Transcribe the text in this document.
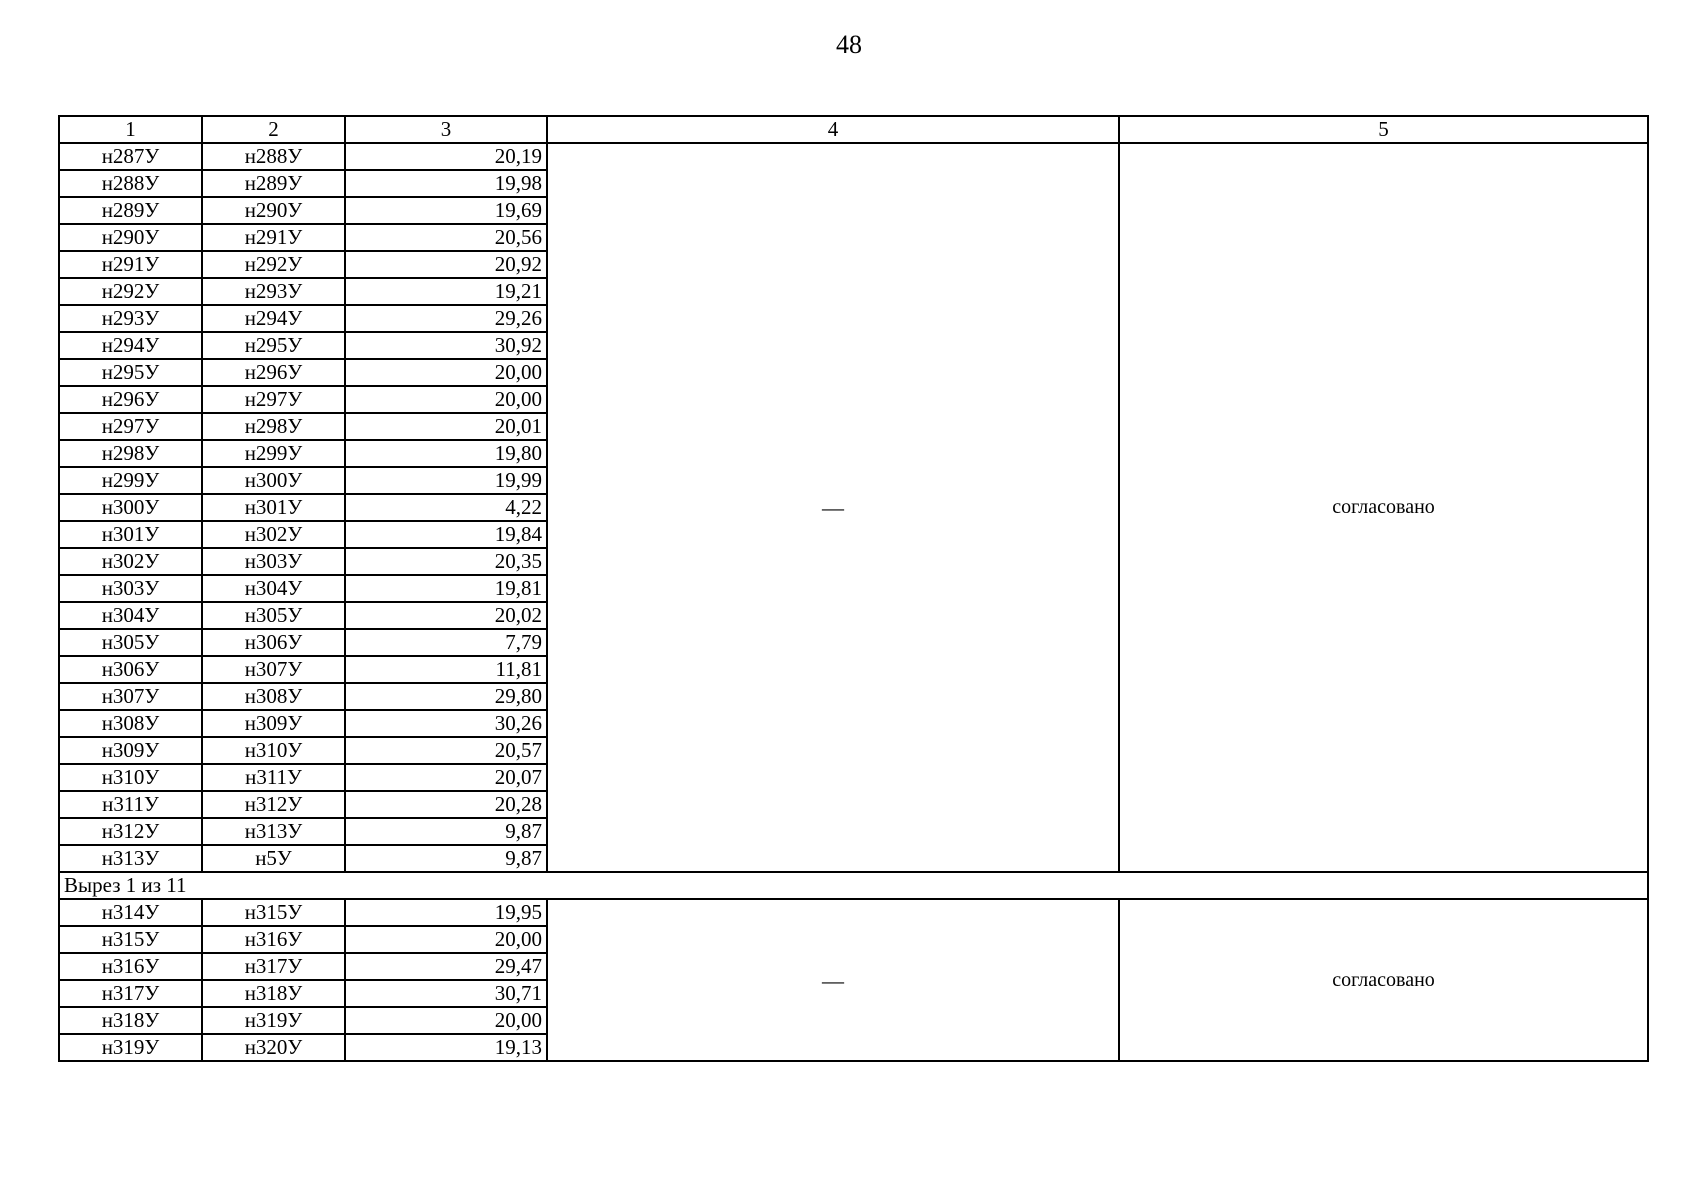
48
1	2	3	4	5
н287У	н288У	20,19	—	согласовано
н288У	н289У	19,98		
н289У	н290У	19,69		
н290У	н291У	20,56		
н291У	н292У	20,92		
н292У	н293У	19,21		
н293У	н294У	29,26		
н294У	н295У	30,92		
н295У	н296У	20,00		
н296У	н297У	20,00		
н297У	н298У	20,01		
н298У	н299У	19,80		
н299У	н300У	19,99		
н300У	н301У	4,22		
н301У	н302У	19,84		
н302У	н303У	20,35		
н303У	н304У	19,81		
н304У	н305У	20,02		
н305У	н306У	7,79		
н306У	н307У	11,81		
н307У	н308У	29,80		
н308У	н309У	30,26		
н309У	н310У	20,57		
н310У	н311У	20,07		
н311У	н312У	20,28		
н312У	н313У	9,87		
н313У	н5У	9,87		
Вырез 1 из 11				
н314У	н315У	19,95	—	согласовано
н315У	н316У	20,00		
н316У	н317У	29,47		
н317У	н318У	30,71		
н318У	н319У	20,00		
н319У	н320У	19,13		
